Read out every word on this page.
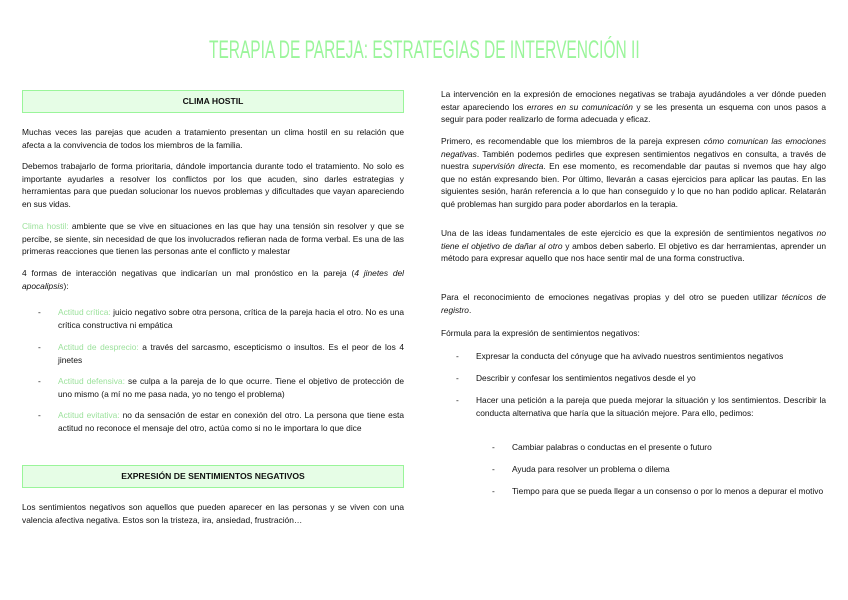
TERAPIA DE PAREJA: ESTRATEGIAS DE INTERVENCIÓN II
CLIMA HOSTIL
Muchas veces las parejas que acuden a tratamiento presentan un clima hostil en su relación que afecta a la convivencia de todos los miembros de la familia.
Debemos trabajarlo de forma prioritaria, dándole importancia durante todo el tratamiento. No solo es importante ayudarles a resolver los conflictos por los que acuden, sino darles estrategias y herramientas para que puedan solucionar los nuevos problemas y dificultades que vayan apareciendo en sus vidas.
Clima hostil: ambiente que se vive en situaciones en las que hay una tensión sin resolver y que se percibe, se siente, sin necesidad de que los involucrados refieran nada de forma verbal. Es una de las primeras reacciones que tienen las personas ante el conflicto y malestar
4 formas de interacción negativas que indicarían un mal pronóstico en la pareja (4 jinetes del apocalipsis):
- Actitud crítica: juicio negativo sobre otra persona, crítica de la pareja hacia el otro. No es una crítica constructiva ni empática
- Actitud de desprecio: a través del sarcasmo, escepticismo o insultos. Es el peor de los 4 jinetes
- Actitud defensiva: se culpa a la pareja de lo que ocurre. Tiene el objetivo de protección de uno mismo (a mí no me pasa nada, yo no tengo el problema)
- Actitud evitativa: no da sensación de estar en conexión del otro. La persona que tiene esta actitud no reconoce el mensaje del otro, actúa como si no le importara lo que dice
EXPRESIÓN DE SENTIMIENTOS NEGATIVOS
Los sentimientos negativos son aquellos que pueden aparecer en las personas y se viven con una valencia afectiva negativa. Estos son la tristeza, ira, ansiedad, frustración…
La intervención en la expresión de emociones negativas se trabaja ayudándoles a ver dónde pueden estar apareciendo los errores en su comunicación y se les presenta un esquema con unos pasos a seguir para poder realizarlo de forma adecuada y eficaz.
Primero, es recomendable que los miembros de la pareja expresen cómo comunican las emociones negativas. También podemos pedirles que expresen sentimientos negativos en consulta, a través de nuestra supervisión directa. En ese momento, es recomendable dar pautas si nvemos que hay algo que no están expresando bien. Por último, llevarán a casas ejercicios para aplicar las pautas. En las siguientes sesión, harán referencia a lo que han conseguido y lo que no han podido aplicar. Relatarán qué problemas han surgido para poder abordarlos en la terapia.
Una de las ideas fundamentales de este ejercicio es que la expresión de sentimientos negativos no tiene el objetivo de dañar al otro y ambos deben saberlo. El objetivo es dar herramientas, aprender un método para expresar aquello que nos hace sentir mal de una forma constructiva.
Para el reconocimiento de emociones negativas propias y del otro se pueden utilizar técnicos de registro.
Fórmula para la expresión de sentimientos negativos:
- Expresar la conducta del cónyuge que ha avivado nuestros sentimientos negativos
- Describir y confesar los sentimientos negativos desde el yo
- Hacer una petición a la pareja que pueda mejorar la situación y los sentimientos. Describir la conducta alternativa que haría que la situación mejore. Para ello, pedimos:
- Cambiar palabras o conductas en el presente o futuro
- Ayuda para resolver un problema o dilema
- Tiempo para que se pueda llegar a un consenso o por lo menos a depurar el motivo
